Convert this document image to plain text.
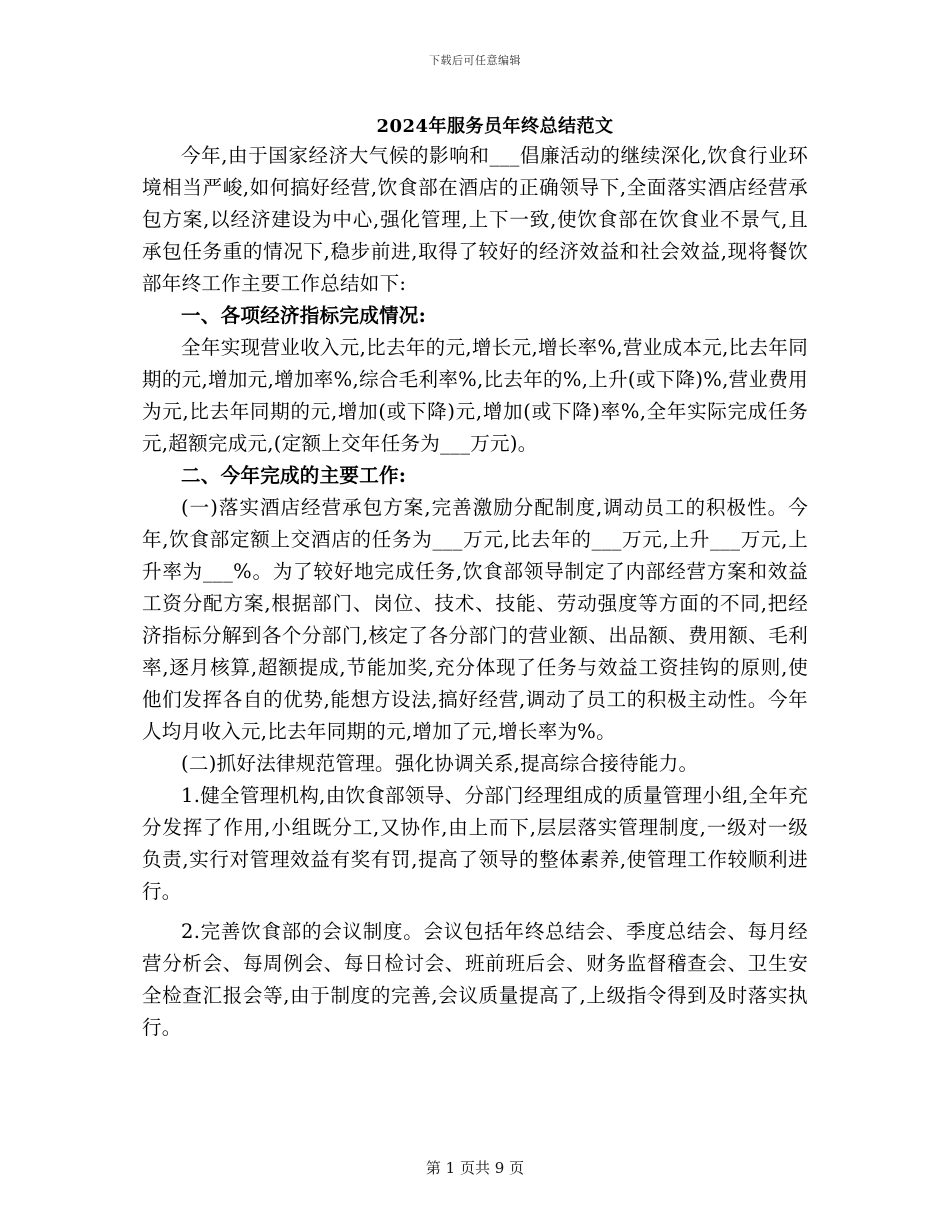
下载后可任意编辑
2024年服务员年终总结范文

今年,由于国家经济大气候的影响和___倡廉活动的继续深化,饮食行业环境相当严峻,如何搞好经营,饮食部在酒店的正确领导下,全面落实酒店经营承包方案,以经济建设为中心,强化管理,上下一致,使饮食部在饮食业不景气,且承包任务重的情况下,稳步前进,取得了较好的经济效益和社会效益,现将餐饮部年终工作主要工作总结如下:

一、各项经济指标完成情况:

全年实现营业收入元,比去年的元,增长元,增长率%,营业成本元,比去年同期的元,增加元,增加率%,综合毛利率%,比去年的%,上升(或下降)%,营业费用为元,比去年同期的元,增加(或下降)元,增加(或下降)率%,全年实际完成任务元,超额完成元,(定额上交年任务为___万元)。

二、今年完成的主要工作:

(一)落实酒店经营承包方案,完善激励分配制度,调动员工的积极性。今年,饮食部定额上交酒店的任务为___万元,比去年的___万元,上升___万元,上升率为___%。为了较好地完成任务,饮食部领导制定了内部经营方案和效益工资分配方案,根据部门、岗位、技术、技能、劳动强度等方面的不同,把经济指标分解到各个分部门,核定了各分部门的营业额、出品额、费用额、毛利率,逐月核算,超额提成,节能加奖,充分体现了任务与效益工资挂钩的原则,使他们发挥各自的优势,能想方设法,搞好经营,调动了员工的积极主动性。今年人均月收入元,比去年同期的元,增加了元,增长率为%。

(二)抓好法律规范管理。强化协调关系,提高综合接待能力。

1.健全管理机构,由饮食部领导、分部门经理组成的质量管理小组,全年充分发挥了作用,小组既分工,又协作,由上而下,层层落实管理制度,一级对一级负责,实行对管理效益有奖有罚,提高了领导的整体素养,使管理工作较顺利进行。

2.完善饮食部的会议制度。会议包括年终总结会、季度总结会、每月经营分析会、每周例会、每日检讨会、班前班后会、财务监督稽查会、卫生安全检查汇报会等,由于制度的完善,会议质量提高了,上级指令得到及时落实执行。

第 1 页共 9 页
